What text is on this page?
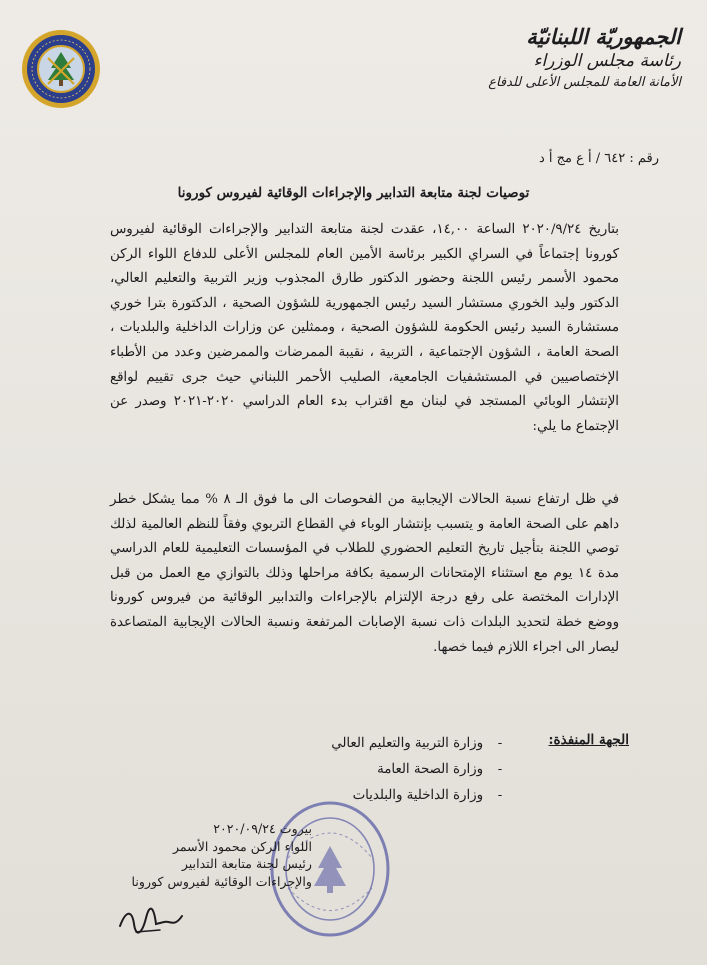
الجمهوريّة اللبنانيّة
رئاسة مجلس الوزراء
الأمانة العامة للمجلس الأعلى للدفاع
رقم : ٦٤٢ / أ ع مج أ د
توصيات لجنة متابعة التدابير والإجراءات الوقائية لفيروس كورونا

بتاريخ ٢٠٢٠/٩/٢٤ الساعة ١٤,٠٠، عقدت لجنة متابعة التدابير والإجراءات الوقائية لفيروس كورونا إجتماعاً في السراي الكبير برئاسة الأمين العام للمجلس الأعلى للدفاع اللواء الركن محمود الأسمر رئيس اللجنة وحضور الدكتور طارق المجذوب وزير التربية والتعليم العالي، الدكتور وليد الخوري مستشار السيد رئيس الجمهورية للشؤون الصحية ، الدكتورة بترا خوري مستشارة السيد رئيس الحكومة للشؤون الصحية ، وممثلين عن وزارات الداخلية والبلديات ، الصحة العامة ، الشؤون الإجتماعية ، التربية ، نقيبة الممرضات والممرضين وعدد من الأطباء الإختصاصيين في المستشفيات الجامعية، الصليب الأحمر اللبناني حيث جرى تقييم لواقع الإنتشار الوبائي المستجد في لبنان مع اقتراب بدء العام الدراسي ٢٠٢٠-٢٠٢١ وصدر عن الإجتماع ما يلي:

في ظل ارتفاع نسبة الحالات الإيجابية من الفحوصات الى ما فوق الـ ٨ % مما يشكل خطر داهم على الصحة العامة و يتسبب بإنتشار الوباء في القطاع التربوي وفقاً للنظم العالمية لذلك توصي اللجنة بتأجيل تاريخ التعليم الحضوري للطلاب في المؤسسات التعليمية للعام الدراسي مدة ١٤ يوم مع استثناء الإمتحانات الرسمية بكافة مراحلها وذلك بالتوازي مع العمل من قبل الإدارات المختصة على رفع درجة الإلتزام بالإجراءات والتدابير الوقائية من فيروس كورونا ووضع خطة لتحديد البلدات ذات نسبة الإصابات المرتفعة ونسبة الحالات الإيجابية المتصاعدة ليصار الى اجراء اللازم فيما خصها.

الجهة المنفذة:
-
وزارة التربية والتعليم العالي
-
وزارة الصحة العامة
-
وزارة الداخلية والبلديات
بيروت ٢٠٢٠/٠٩/٢٤
اللواء الركن محمود الأسمر
رئيس لجنة متابعة التدابير
والإجراءات الوقائية لفيروس كورونا
